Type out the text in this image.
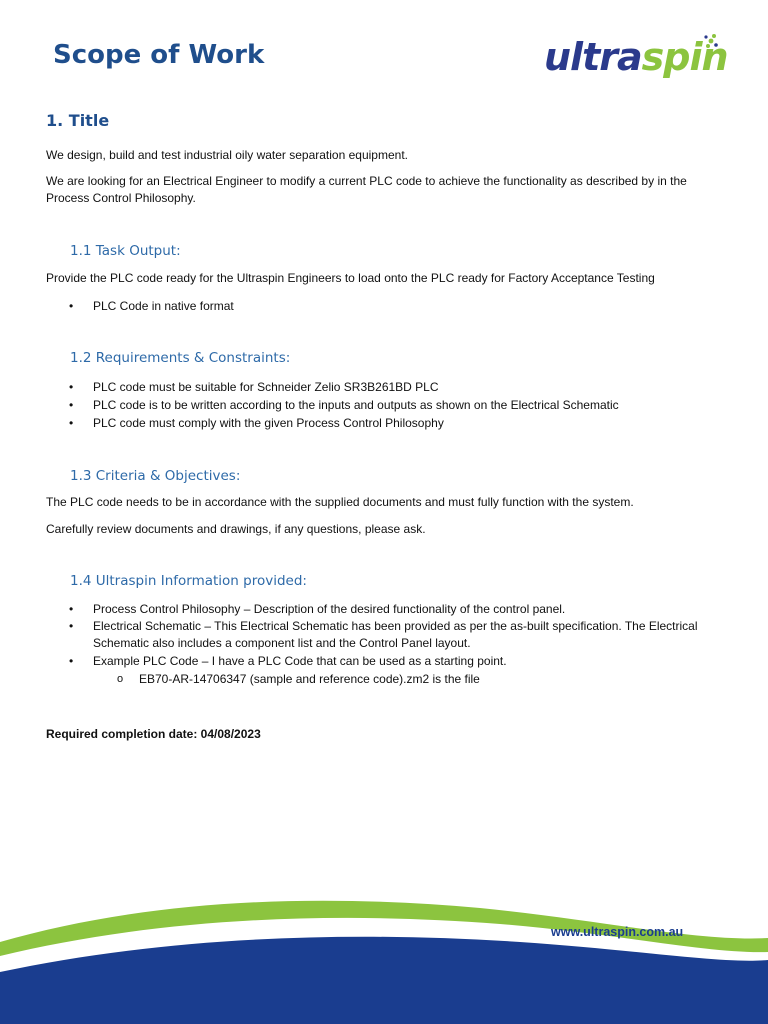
Scope of Work	ultraspin
1. Title

We design, build and test industrial oily water separation equipment.

We are looking for an Electrical Engineer to modify a current PLC code to achieve the functionality as described by in the Process Control Philosophy.

1.1 Task Output:

Provide the PLC code ready for the Ultraspin Engineers to load onto the PLC ready for Factory Acceptance Testing

• PLC Code in native format
1.2 Requirements & Constraints:
• PLC code must be suitable for Schneider Zelio SR3B261BD PLC
• PLC code is to be written according to the inputs and outputs as shown on the Electrical Schematic
• PLC code must comply with the given Process Control Philosophy
1.3 Criteria & Objectives:

The PLC code needs to be in accordance with the supplied documents and must fully function with the system.

Carefully review documents and drawings, if any questions, please ask.

1.4 Ultraspin Information provided:
• Process Control Philosophy – Description of the desired functionality of the control panel.
• Electrical Schematic – This Electrical Schematic has been provided as per the as-built specification. The Electrical Schematic also includes a component list and the Control Panel layout.
• Example PLC Code – I have a PLC Code that can be used as a starting point.
o EB70-AR-14706347 (sample and reference code).zm2 is the file

Required completion date: 04/08/2023

www.ultraspin.com.au
